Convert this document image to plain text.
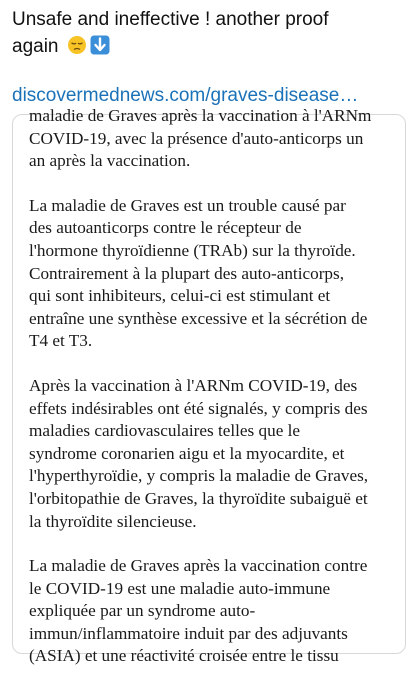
Unsafe and ineffective ! another proof
again
discovermednews.com/graves-disease…

maladie de Graves après la vaccination à l'ARNm
COVID-19, avec la présence d'auto-anticorps un
an après la vaccination.

La maladie de Graves est un trouble causé par
des autoanticorps contre le récepteur de
l'hormone thyroïdienne (TRAb) sur la thyroïde.
Contrairement à la plupart des auto-anticorps,
qui sont inhibiteurs, celui-ci est stimulant et
entraîne une synthèse excessive et la sécrétion de
T4 et T3.

Après la vaccination à l'ARNm COVID-19, des
effets indésirables ont été signalés, y compris des
maladies cardiovasculaires telles que le
syndrome coronarien aigu et la myocardite, et
l'hyperthyroïdie, y compris la maladie de Graves,
l'orbitopathie de Graves, la thyroïdite subaiguë et
la thyroïdite silencieuse.

La maladie de Graves après la vaccination contre
le COVID-19 est une maladie auto-immune
expliquée par un syndrome auto-
immun/inflammatoire induit par des adjuvants
(ASIA) et une réactivité croisée entre le tissu
